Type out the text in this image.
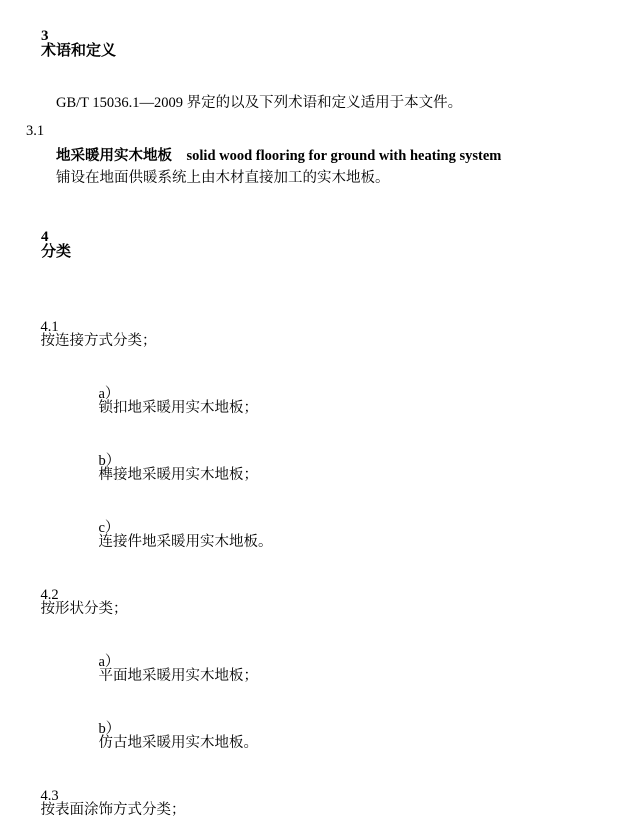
3
术语和定义

GB/T 15036.1—2009 界定的以及下列术语和定义适用于本文件。
3.1
地采暖用实木地板　 solid wood flooring for ground with heating system
铺设在地面供暖系统上由木材直接加工的实木地板。

4
分类

4.1
按连接方式分类；

a）
锁扣地采暖用实木地板；

b）
榫接地采暖用实木地板；

c）
连接件地采暖用实木地板。

4.2
按形状分类；

a）
平面地采暖用实木地板；

b）
仿古地采暖用实木地板。

4.3
按表面涂饰方式分类；
